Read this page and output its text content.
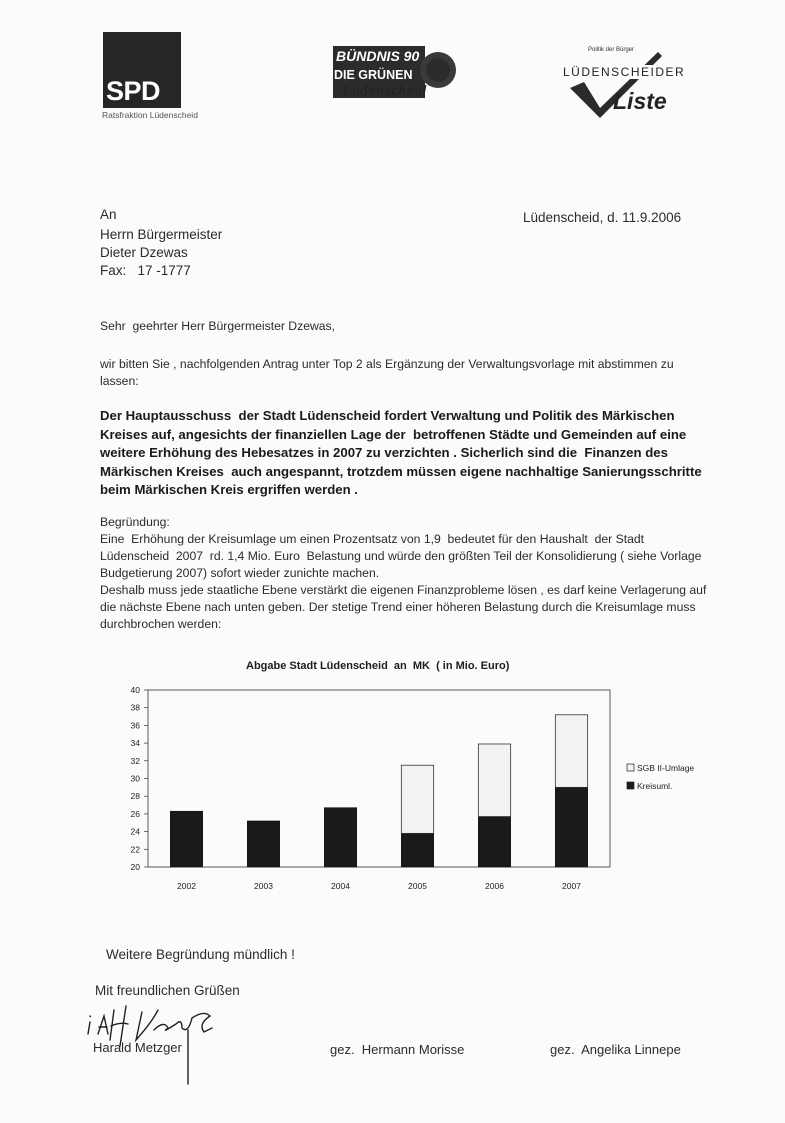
SPD
Ratsfraktion Lüdenscheid
BÜNDNIS 90
DIE GRÜNEN
Lüdenscheid
Politik der Bürger
LÜDENSCHEIDER
Liste
An
Herrn Bürgermeister
Dieter Dzewas
Fax:   17 -1777
Lüdenscheid, d. 11.9.2006
Sehr  geehrter Herr Bürgermeister Dzewas,
wir bitten Sie , nachfolgenden Antrag unter Top 2 als Ergänzung der Verwaltungsvorlage mit abstimmen zu
lassen:
Der Hauptausschuss  der Stadt Lüdenscheid fordert Verwaltung und Politik des Märkischen
Kreises auf, angesichts der finanziellen Lage der  betroffenen Städte und Gemeinden auf eine
weitere Erhöhung des Hebesatzes in 2007 zu verzichten . Sicherlich sind die  Finanzen des
Märkischen Kreises  auch angespannt, trotzdem müssen eigene nachhaltige Sanierungsschritte
beim Märkischen Kreis ergriffen werden .
Begründung:
Eine  Erhöhung der Kreisumlage um einen Prozentsatz von 1,9  bedeutet für den Haushalt  der Stadt
Lüdenscheid  2007  rd. 1,4 Mio. Euro  Belastung und würde den größten Teil der Konsolidierung ( siehe Vorlage
Budgetierung 2007) sofort wieder zunichte machen.
Deshalb muss jede staatliche Ebene verstärkt die eigenen Finanzprobleme lösen , es darf keine Verlagerung auf
die nächste Ebene nach unten geben. Der stetige Trend einer höheren Belastung durch die Kreisumlage muss
durchbrochen werden:
Abgabe Stadt Lüdenscheid  an  MK  ( in Mio. Euro)
20
22
24
26
28
30
32
34
36
38
40
2002	2003	2004	2005	2006	2007
SGB II-Umlage
Kreisuml.
Weitere Begründung mündlich !
Mit freundlichen Grüßen
Harald Metzger	gez.  Hermann Morisse	gez.  Angelika Linnepe
